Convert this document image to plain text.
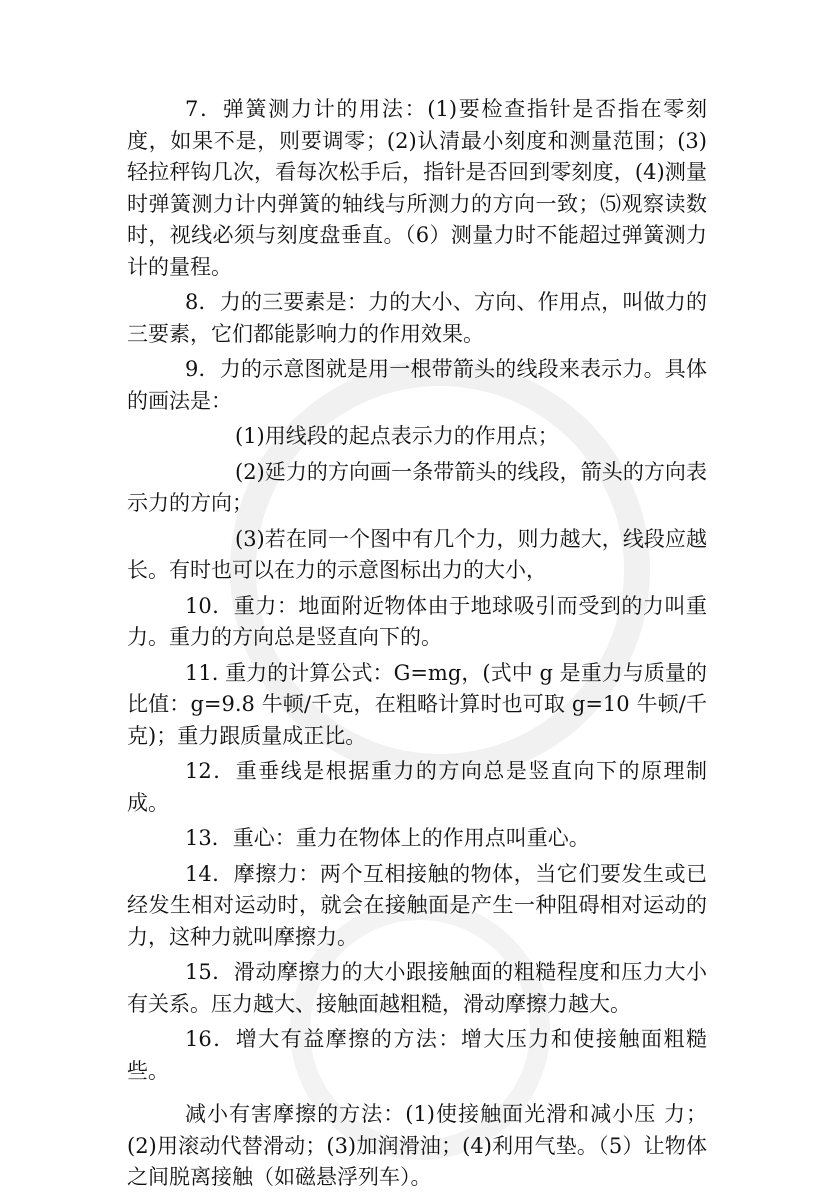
7．弹簧测力计的用法：(1)要检查指针是否指在零刻度，如果不是，则要调零；(2)认清最小刻度和测量范围；(3)轻拉秤钩几次，看每次松手后，指针是否回到零刻度，(4)测量时弹簧测力计内弹簧的轴线与所测力的方向一致；⑸观察读数时，视线必须与刻度盘垂直。（6）测量力时不能超过弹簧测力计的量程。

8．力的三要素是：力的大小、方向、作用点，叫做力的三要素，它们都能影响力的作用效果。

9．力的示意图就是用一根带箭头的线段来表示力。具体的画法是：

(1)用线段的起点表示力的作用点；

(2)延力的方向画一条带箭头的线段，箭头的方向表示力的方向；

(3)若在同一个图中有几个力，则力越大，线段应越长。有时也可以在力的示意图标出力的大小，

10．重力：地面附近物体由于地球吸引而受到的力叫重力。重力的方向总是竖直向下的。

11. 重力的计算公式：G=mg，(式中 g 是重力与质量的比值：g=9.8 牛顿/千克，在粗略计算时也可取 g=10 牛顿/千克)；重力跟质量成正比。

12．重垂线是根据重力的方向总是竖直向下的原理制成。

13．重心：重力在物体上的作用点叫重心。

14．摩擦力：两个互相接触的物体，当它们要发生或已经发生相对运动时，就会在接触面是产生一种阻碍相对运动的力，这种力就叫摩擦力。

15．滑动摩擦力的大小跟接触面的粗糙程度和压力大小 有关系。压力越大、接触面越粗糙，滑动摩擦力越大。

16．增大有益摩擦的方法：增大压力和使接触面粗糙些。

减小有害摩擦的方法：(1)使接触面光滑和减小压 力；(2)用滚动代替滑动；(3)加润滑油；(4)利用气垫。（5）让物体之间脱离接触（如磁悬浮列车）。
